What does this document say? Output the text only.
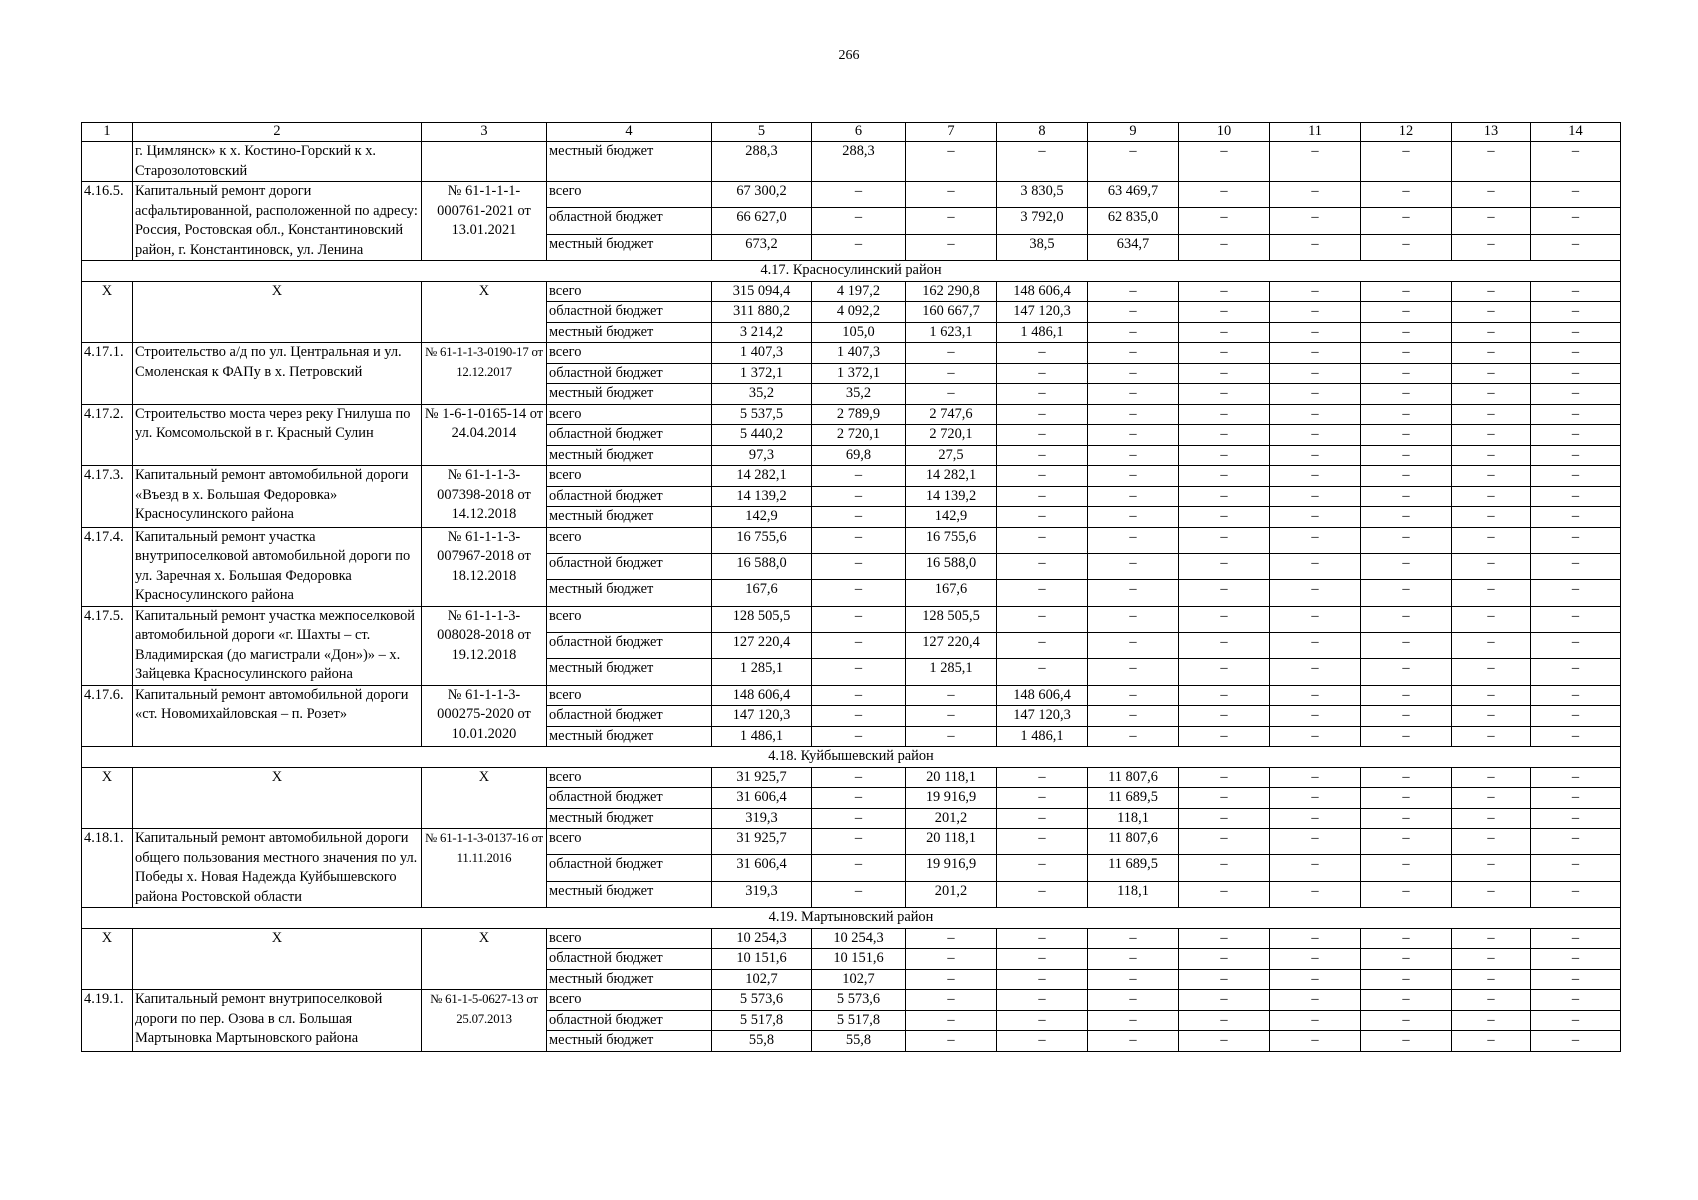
266
1	2	3	4	5	6	7	8	9	10	11	12	13	14
	г. Цимлянск» к х. Костино-Горский к х. Старозолотовский		местный бюджет	288,3	288,3	–	–	–	–	–	–	–	–
4.16.5.	Капитальный ремонт дороги асфальтированной, расположенной по адресу: Россия, Ростовская обл., Константиновский район, г. Константиновск, ул. Ленина	№ 61-1-1-1-000761-2021 от 13.01.2021	всего	67 300,2	–	–	3 830,5	63 469,7	–	–	–	–	–
			областной бюджет	66 627,0	–	–	3 792,0	62 835,0	–	–	–	–	–
			местный бюджет	673,2	–	–	38,5	634,7	–	–	–	–	–
4.17. Красносулинский район													
Х	Х	Х	всего	315 094,4	4 197,2	162 290,8	148 606,4	–	–	–	–	–	–
			областной бюджет	311 880,2	4 092,2	160 667,7	147 120,3	–	–	–	–	–	–
			местный бюджет	3 214,2	105,0	1 623,1	1 486,1	–	–	–	–	–	–
4.17.1.	Строительство а/д по ул. Центральная и ул. Смоленская к ФАПу в х. Петровский	№ 61-1-1-3-0190-17 от 12.12.2017	всего	1 407,3	1 407,3	–	–	–	–	–	–	–	–
			областной бюджет	1 372,1	1 372,1	–	–	–	–	–	–	–	–
			местный бюджет	35,2	35,2	–	–	–	–	–	–	–	–
4.17.2.	Строительство моста через реку Гнилуша по ул. Комсомольской в г. Красный Сулин	№ 1-6-1-0165-14 от 24.04.2014	всего	5 537,5	2 789,9	2 747,6	–	–	–	–	–	–	–
			областной бюджет	5 440,2	2 720,1	2 720,1	–	–	–	–	–	–	–
			местный бюджет	97,3	69,8	27,5	–	–	–	–	–	–	–
4.17.3.	Капитальный ремонт автомобильной дороги «Въезд в х. Большая Федоровка» Красносулинского района	№ 61-1-1-3-007398-2018 от 14.12.2018	всего	14 282,1	–	14 282,1	–	–	–	–	–	–	–
			областной бюджет	14 139,2	–	14 139,2	–	–	–	–	–	–	–
			местный бюджет	142,9	–	142,9	–	–	–	–	–	–	–
4.17.4.	Капитальный ремонт участка внутрипоселковой автомобильной дороги по ул. Заречная х. Большая Федоровка Красносулинского района	№ 61-1-1-3-007967-2018 от 18.12.2018	всего	16 755,6	–	16 755,6	–	–	–	–	–	–	–
			областной бюджет	16 588,0	–	16 588,0	–	–	–	–	–	–	–
			местный бюджет	167,6	–	167,6	–	–	–	–	–	–	–
4.17.5.	Капитальный ремонт участка межпоселковой автомобильной дороги «г. Шахты – ст. Владимирская (до магистрали «Дон»)» – х. Зайцевка Красносулинского района	№ 61-1-1-3-008028-2018 от 19.12.2018	всего	128 505,5	–	128 505,5	–	–	–	–	–	–	–
			областной бюджет	127 220,4	–	127 220,4	–	–	–	–	–	–	–
			местный бюджет	1 285,1	–	1 285,1	–	–	–	–	–	–	–
4.17.6.	Капитальный ремонт автомобильной дороги «ст. Новомихайловская – п. Розет»	№ 61-1-1-3-000275-2020 от 10.01.2020	всего	148 606,4	–	–	148 606,4	–	–	–	–	–	–
			областной бюджет	147 120,3	–	–	147 120,3	–	–	–	–	–	–
			местный бюджет	1 486,1	–	–	1 486,1	–	–	–	–	–	–
4.18. Куйбышевский район													
Х	Х	Х	всего	31 925,7	–	20 118,1	–	11 807,6	–	–	–	–	–
			областной бюджет	31 606,4	–	19 916,9	–	11 689,5	–	–	–	–	–
			местный бюджет	319,3	–	201,2	–	118,1	–	–	–	–	–
4.18.1.	Капитальный ремонт автомобильной дороги общего пользования местного значения по ул. Победы х. Новая Надежда Куйбышевского района Ростовской области	№ 61-1-1-3-0137-16 от 11.11.2016	всего	31 925,7	–	20 118,1	–	11 807,6	–	–	–	–	–
			областной бюджет	31 606,4	–	19 916,9	–	11 689,5	–	–	–	–	–
			местный бюджет	319,3	–	201,2	–	118,1	–	–	–	–	–
4.19. Мартыновский район													
Х	Х	Х	всего	10 254,3	10 254,3	–	–	–	–	–	–	–	–
			областной бюджет	10 151,6	10 151,6	–	–	–	–	–	–	–	–
			местный бюджет	102,7	102,7	–	–	–	–	–	–	–	–
4.19.1.	Капитальный ремонт внутрипоселковой дороги по пер. Озова в сл. Большая Мартыновка Мартыновского района	№ 61-1-5-0627-13 от 25.07.2013	всего	5 573,6	5 573,6	–	–	–	–	–	–	–	–
			областной бюджет	5 517,8	5 517,8	–	–	–	–	–	–	–	–
			местный бюджет	55,8	55,8	–	–	–	–	–	–	–	–
